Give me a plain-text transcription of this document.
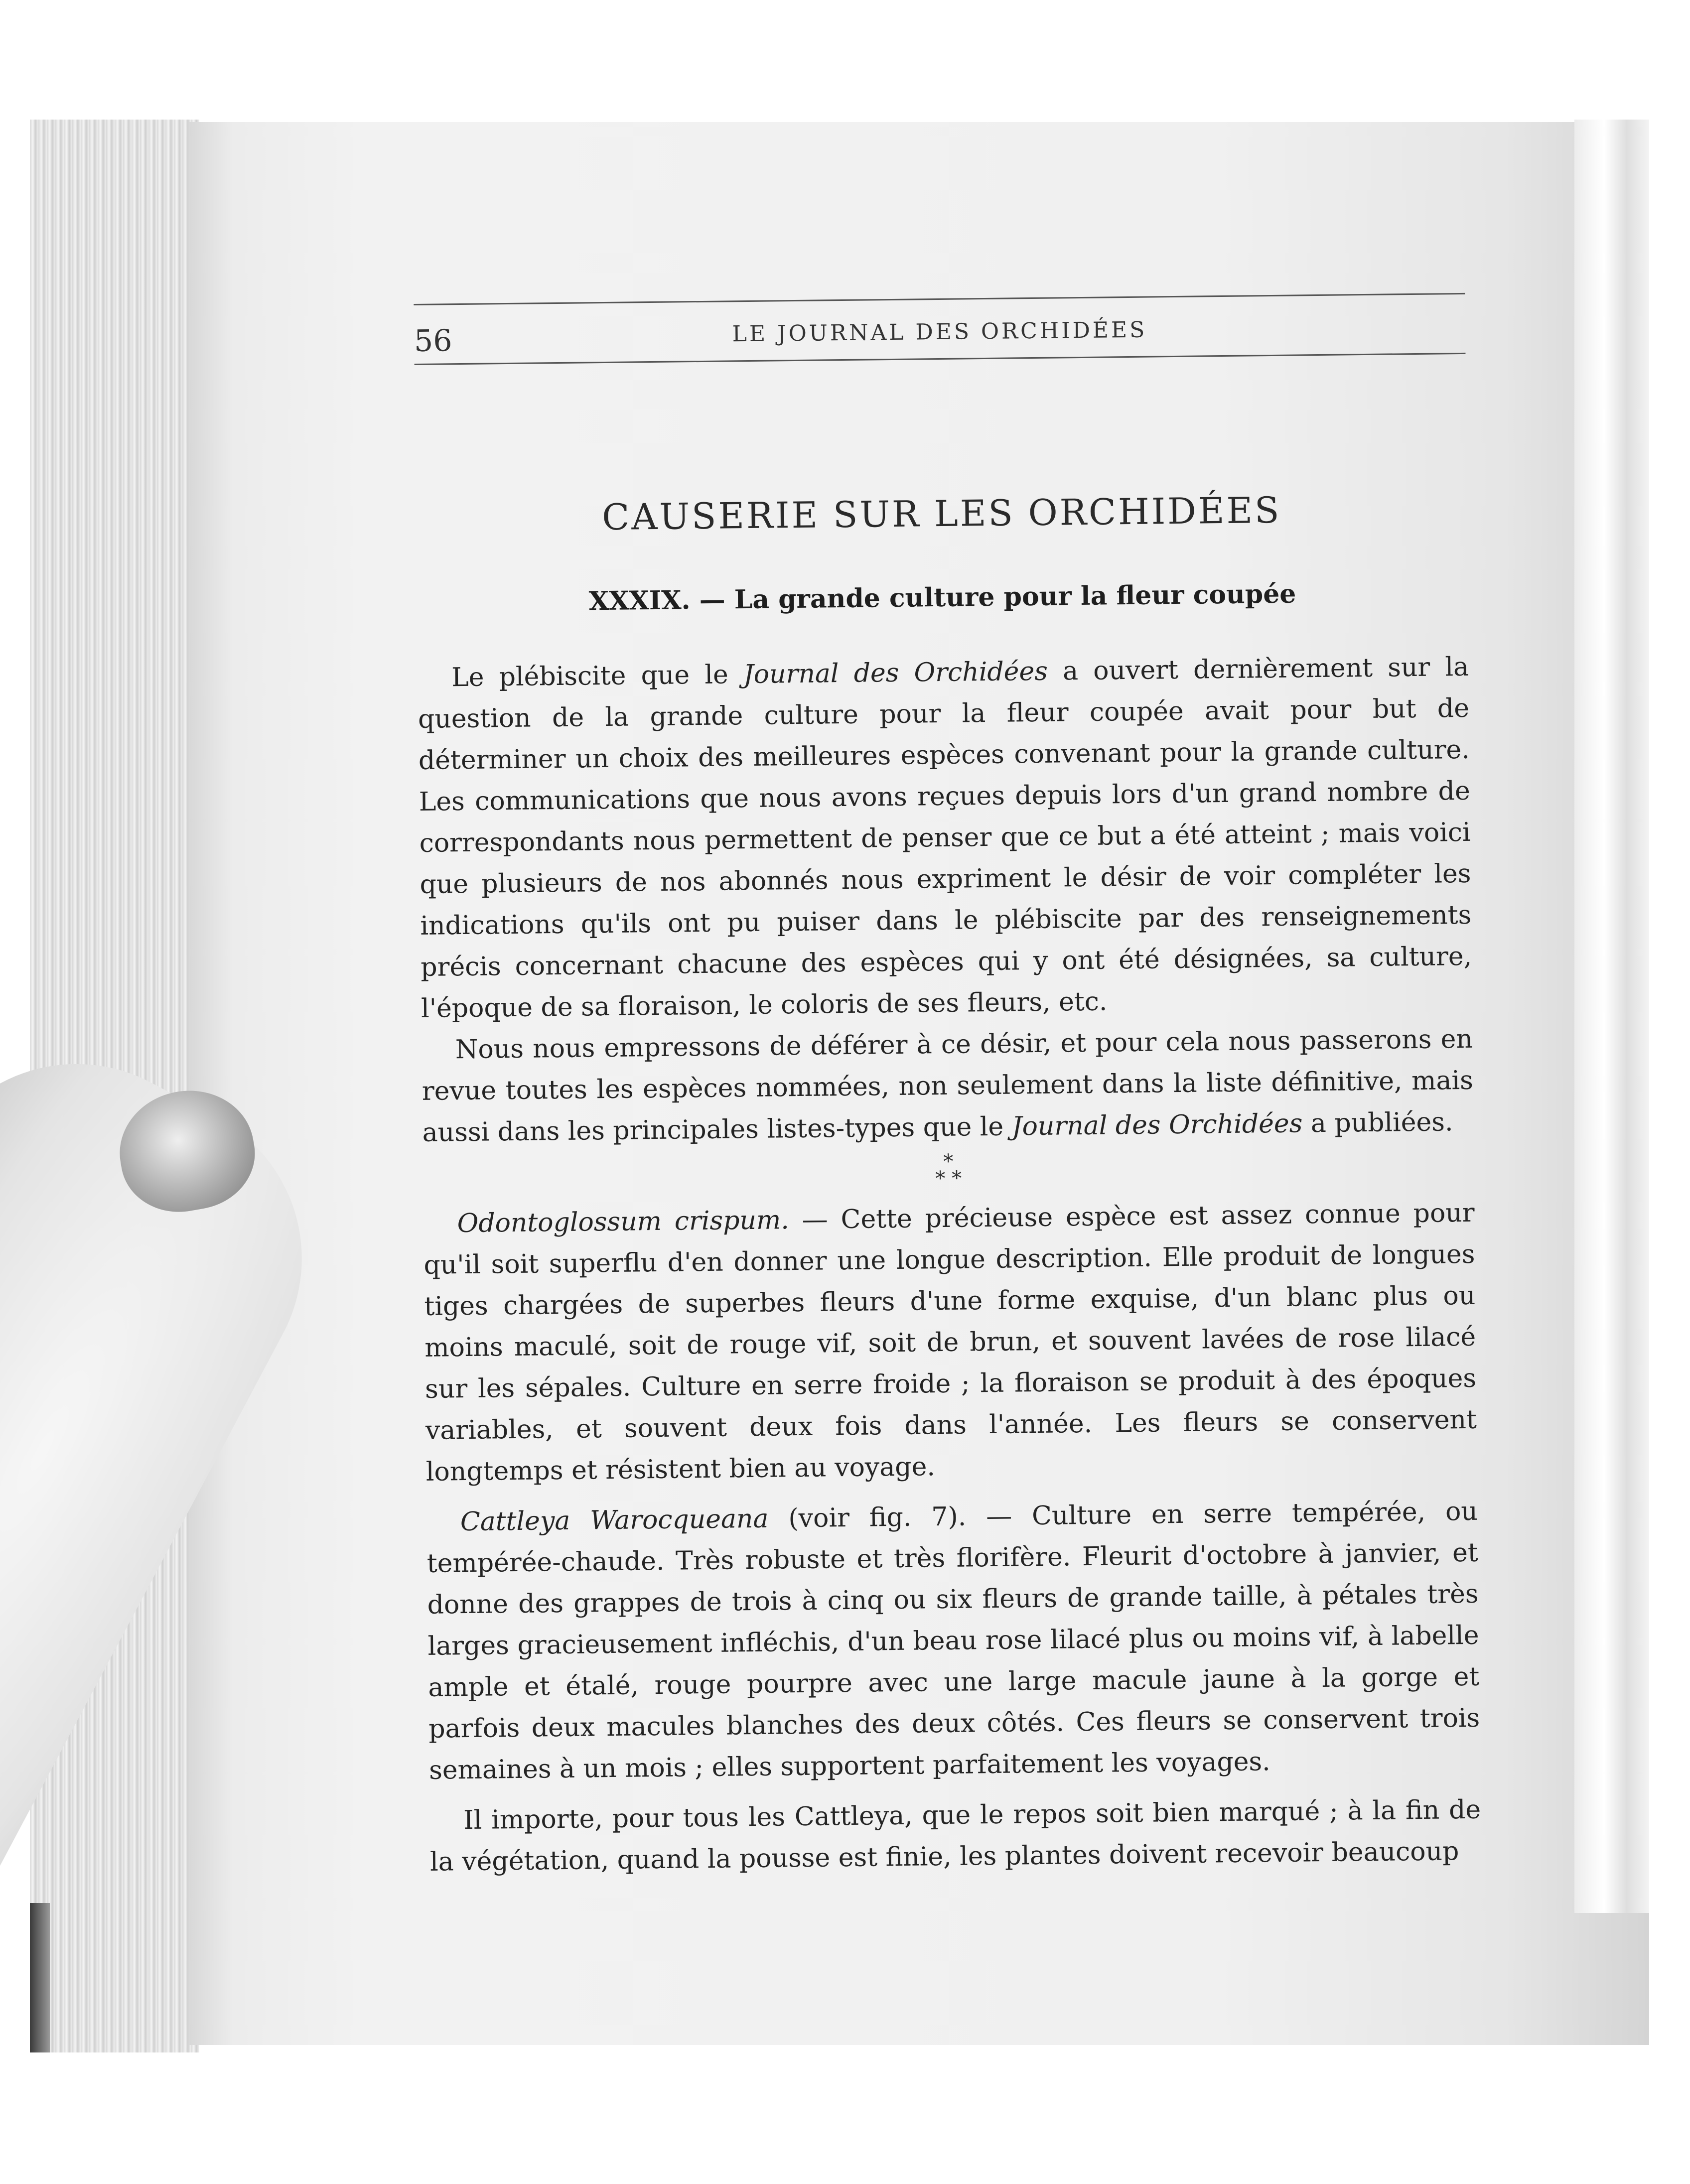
56	LE JOURNAL DES ORCHIDÉES
CAUSERIE SUR LES ORCHIDÉES
XXXIX. — La grande culture pour la fleur coupée

Le plébiscite que le Journal des Orchidées a ouvert dernièrement sur la question de la grande culture pour la fleur coupée avait pour but de déterminer un choix des meilleures espèces convenant pour la grande culture. Les communications que nous avons reçues depuis lors d'un grand nombre de correspondants nous permettent de penser que ce but a été atteint ; mais voici que plusieurs de nos abonnés nous expriment le désir de voir compléter les indications qu'ils ont pu puiser dans le plébiscite par des renseignements précis concernant chacune des espèces qui y ont été désignées, sa culture, l'époque de sa floraison, le coloris de ses fleurs, etc.

Nous nous empressons de déférer à ce désir, et pour cela nous passerons en revue toutes les espèces nommées, non seulement dans la liste définitive, mais aussi dans les principales listes-types que le Journal des Orchidées a publiées.

*
* *

Odontoglossum crispum. — Cette précieuse espèce est assez connue pour qu'il soit superflu d'en donner une longue description. Elle produit de longues tiges chargées de superbes fleurs d'une forme exquise, d'un blanc plus ou moins maculé, soit de rouge vif, soit de brun, et souvent lavées de rose lilacé sur les sépales. Culture en serre froide ; la floraison se produit à des époques variables, et souvent deux fois dans l'année. Les fleurs se conservent longtemps et résistent bien au voyage.

Cattleya Warocqueana (voir fig. 7). — Culture en serre tempérée, ou tempérée-chaude. Très robuste et très florifère. Fleurit d'octobre à janvier, et donne des grappes de trois à cinq ou six fleurs de grande taille, à pétales très larges gracieusement infléchis, d'un beau rose lilacé plus ou moins vif, à labelle ample et étalé, rouge pourpre avec une large macule jaune à la gorge et parfois deux macules blanches des deux côtés. Ces fleurs se conservent trois semaines à un mois ; elles supportent parfaitement les voyages.

Il importe, pour tous les Cattleya, que le repos soit bien marqué ; à la fin de la végétation, quand la pousse est finie, les plantes doivent recevoir beaucoup
